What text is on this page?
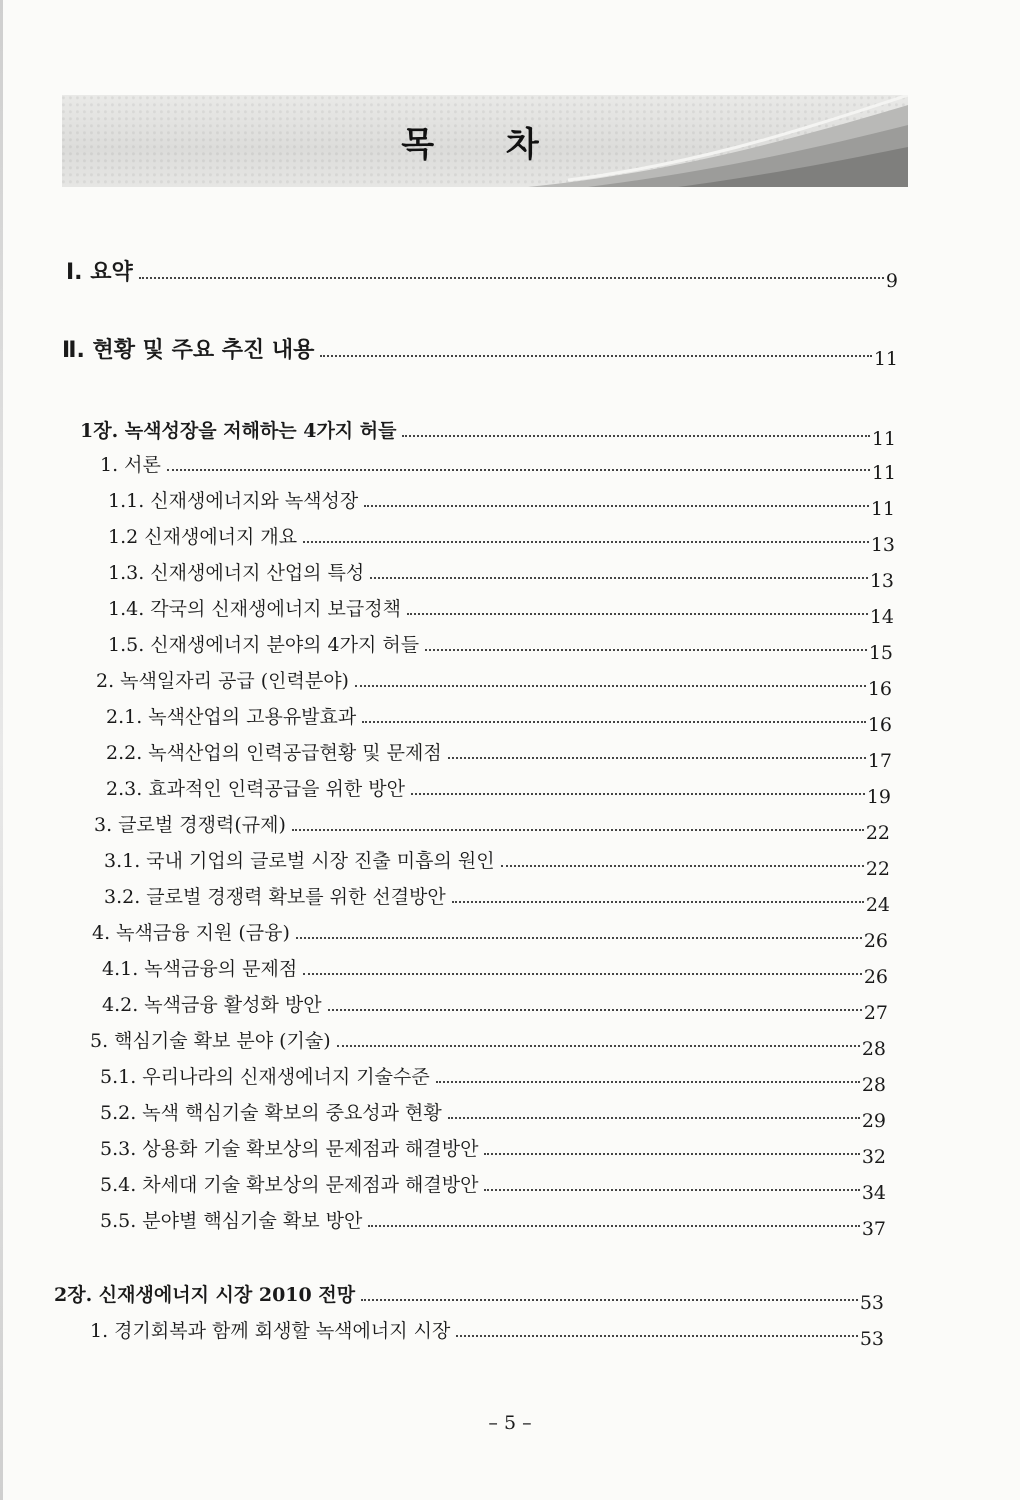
목 차
Ⅰ. 요약	9
Ⅱ. 현황 및 주요 추진 내용	11
1장. 녹색성장을 저해하는 4가지 허들	11
1. 서론	11
1.1. 신재생에너지와 녹색성장	11
1.2 신재생에너지 개요	13
1.3. 신재생에너지 산업의 특성	13
1.4. 각국의 신재생에너지 보급정책	14
1.5. 신재생에너지 분야의 4가지 허들	15
2. 녹색일자리 공급 (인력분야)	16
2.1. 녹색산업의 고용유발효과	16
2.2. 녹색산업의 인력공급현황 및 문제점	17
2.3. 효과적인 인력공급을 위한 방안	19
3. 글로벌 경쟁력(규제)	22
3.1. 국내 기업의 글로벌 시장 진출 미흡의 원인	22
3.2. 글로벌 경쟁력 확보를 위한 선결방안	24
4. 녹색금융 지원 (금융)	26
4.1. 녹색금융의 문제점	26
4.2. 녹색금융 활성화 방안	27
5. 핵심기술 확보 분야 (기술)	28
5.1. 우리나라의 신재생에너지 기술수준	28
5.2. 녹색 핵심기술 확보의 중요성과 현황	29
5.3. 상용화 기술 확보상의 문제점과 해결방안	32
5.4. 차세대 기술 확보상의 문제점과 해결방안	34
5.5. 분야별 핵심기술 확보 방안	37
2장. 신재생에너지 시장 2010 전망	53
1. 경기회복과 함께 회생할 녹색에너지 시장	53
– 5 –
